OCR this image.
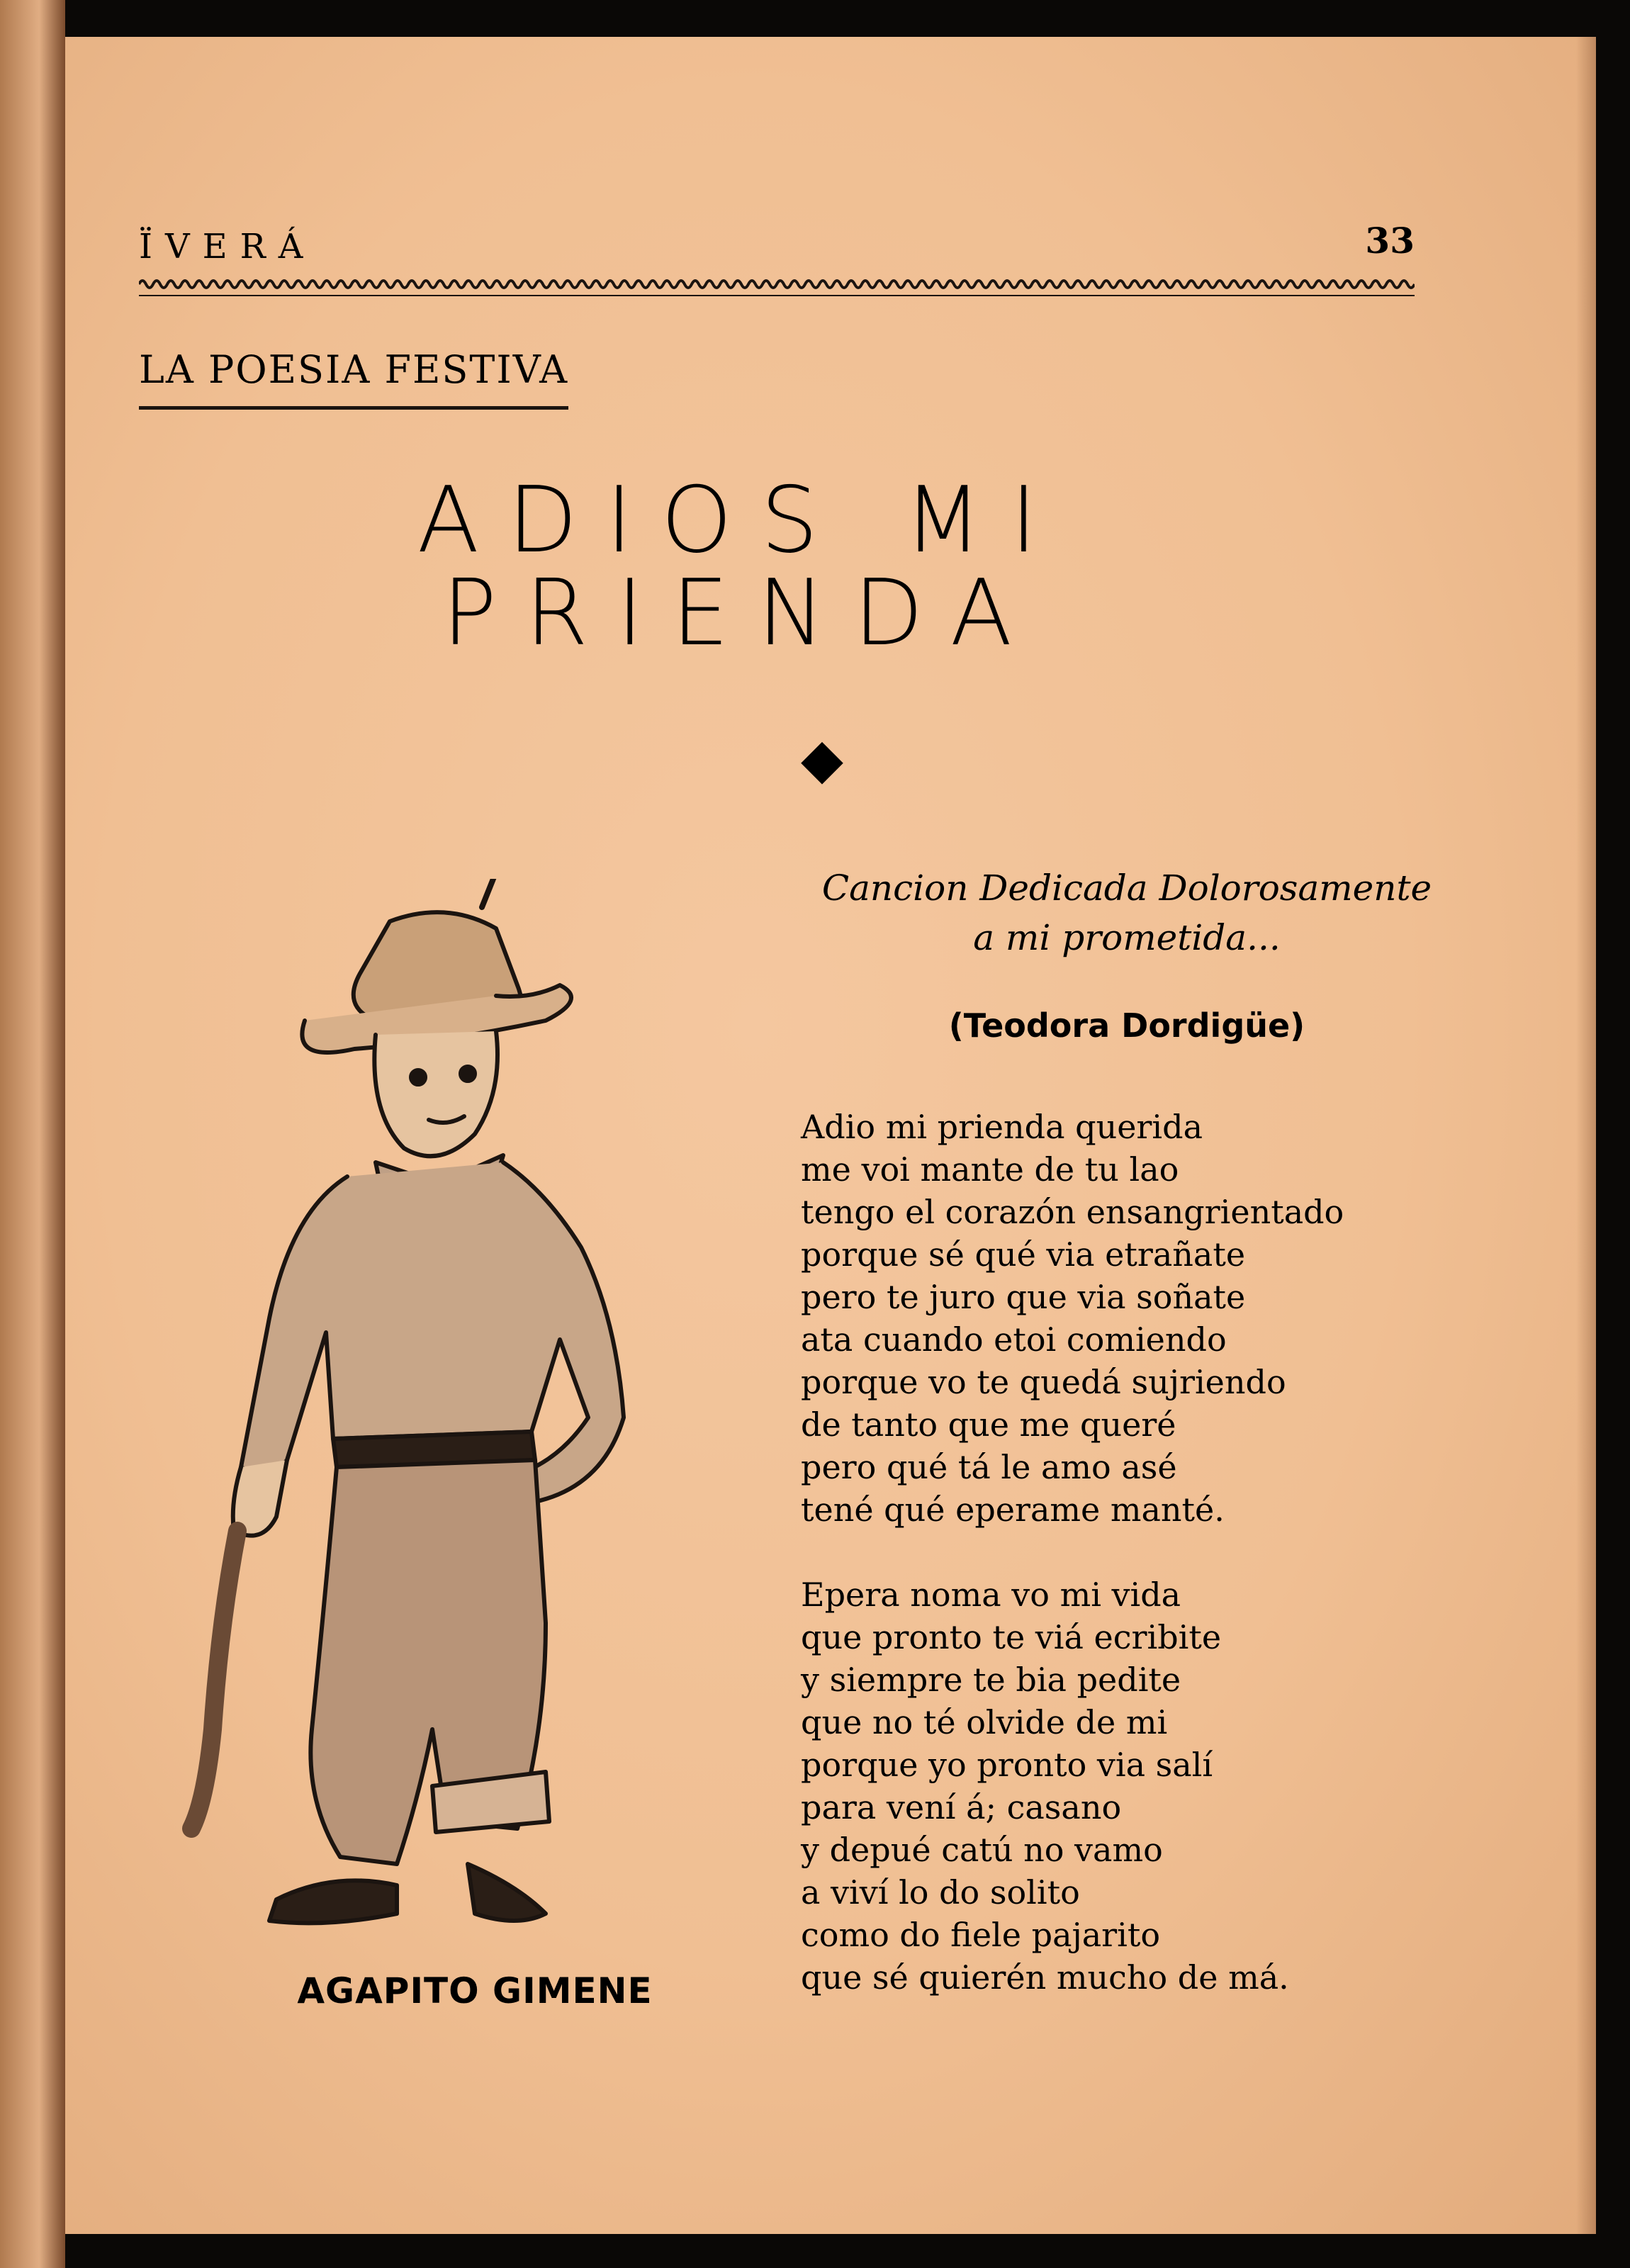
ÏVERÁ	33
LA POESIA FESTIVA
ADIOS MI
PRIENDA
◆
AGAPITO GIMENE
Cancion Dedicada Dolorosamente
a mi prometida...
(Teodora Dordigüe)
Adio mi prienda querida
me voi mante de tu lao
tengo el corazón ensangrientado
porque sé qué via etrañate
pero te juro que via soñate
ata cuando etoi comiendo
porque vo te quedá sujriendo
de tanto que me queré
pero qué tá le amo asé
tené qué eperame manté.
Epera noma vo mi vida
que pronto te viá ecribite
y siempre te bia pedite
que no té olvide de mi
porque yo pronto via salí
para vení á; casano
y depué catú no vamo
a viví lo do solito
como do fiele pajarito
que sé quierén mucho de má.
